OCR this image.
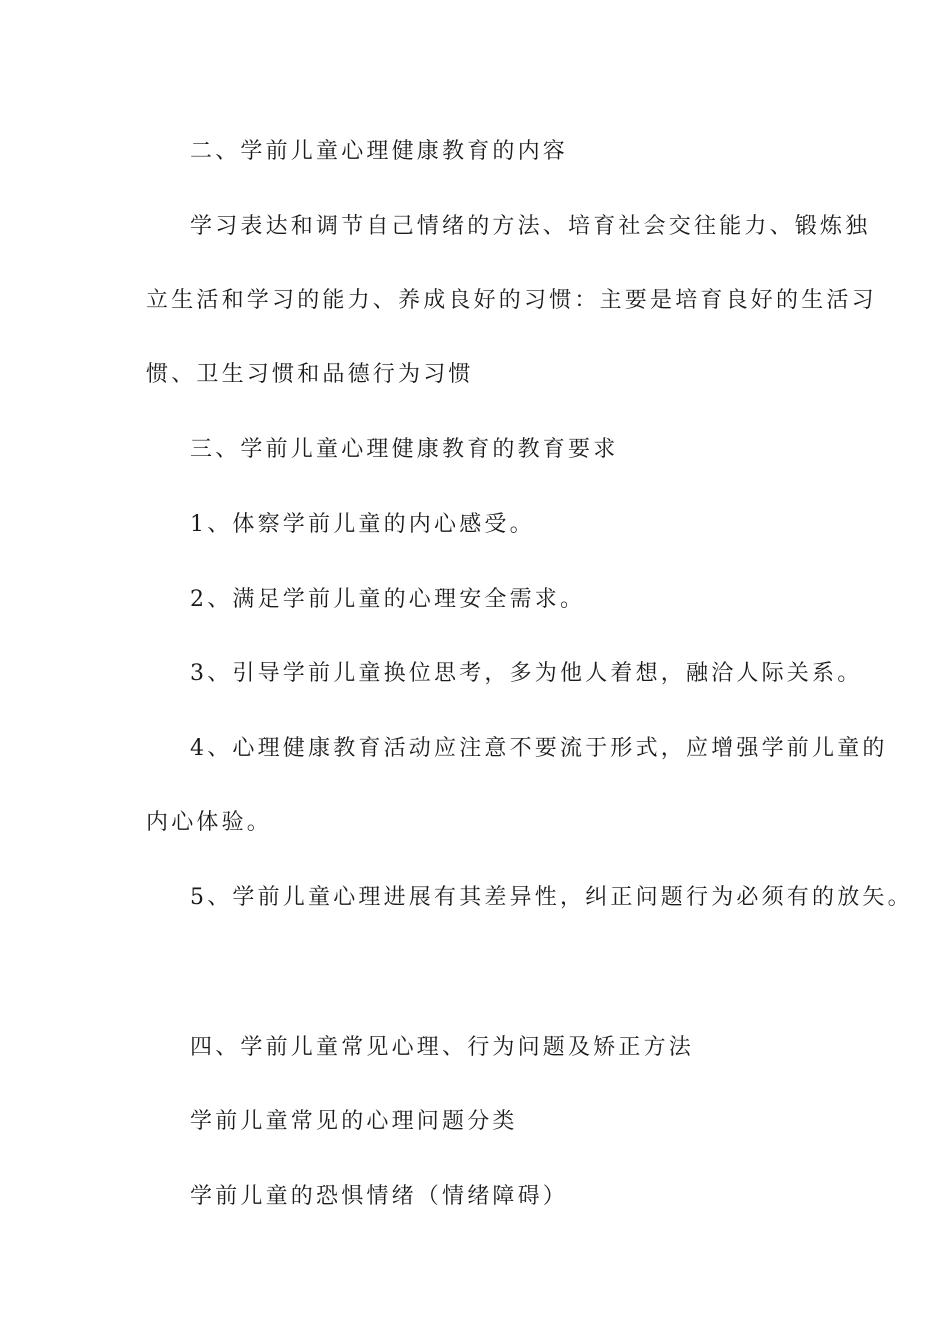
二、学前儿童心理健康教育的内容
学习表达和调节自己情绪的方法、培育社会交往能力、锻炼独
立生活和学习的能力、养成良好的习惯：主要是培育良好的生活习
惯、卫生习惯和品德行为习惯
三、学前儿童心理健康教育的教育要求
1、体察学前儿童的内心感受。
2、满足学前儿童的心理安全需求。
3、引导学前儿童换位思考，多为他人着想，融洽人际关系。
4、心理健康教育活动应注意不要流于形式，应增强学前儿童的
内心体验。
5、学前儿童心理进展有其差异性，纠正问题行为必须有的放矢。
四、学前儿童常见心理、行为问题及矫正方法
学前儿童常见的心理问题分类
学前儿童的恐惧情绪（情绪障碍）
